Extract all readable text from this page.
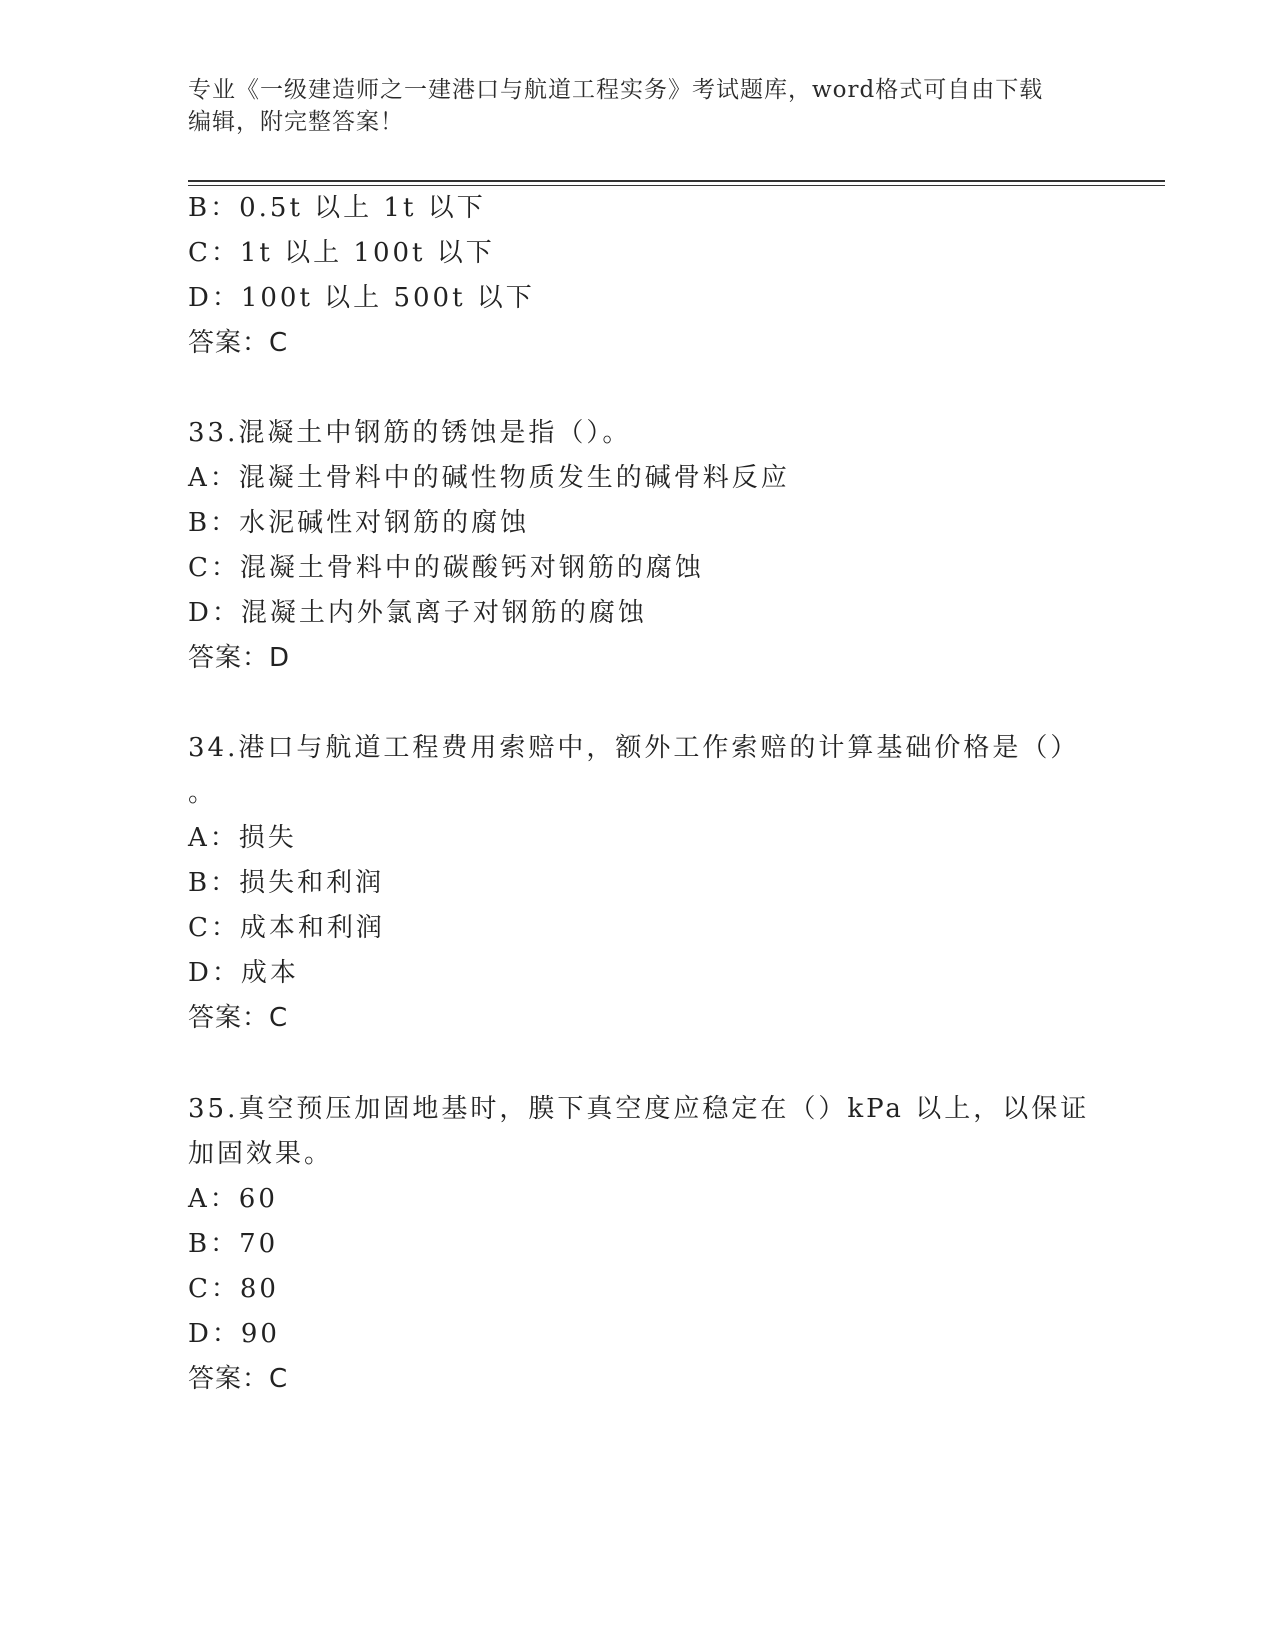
专业《一级建造师之一建港口与航道工程实务》考试题库，word格式可自由下载
编辑，附完整答案！
B：0.5t 以上 1t 以下
C：1t 以上 100t 以下
D：100t 以上 500t 以下
答案：C
33.混凝土中钢筋的锈蚀是指（）。
A：混凝土骨料中的碱性物质发生的碱骨料反应
B：水泥碱性对钢筋的腐蚀
C：混凝土骨料中的碳酸钙对钢筋的腐蚀
D：混凝土内外氯离子对钢筋的腐蚀
答案：D
34.港口与航道工程费用索赔中，额外工作索赔的计算基础价格是（）
。
A：损失
B：损失和利润
C：成本和利润
D：成本
答案：C
35.真空预压加固地基时，膜下真空度应稳定在（）kPa 以上，以保证
加固效果。
A：60
B：70
C：80
D：90
答案：C
